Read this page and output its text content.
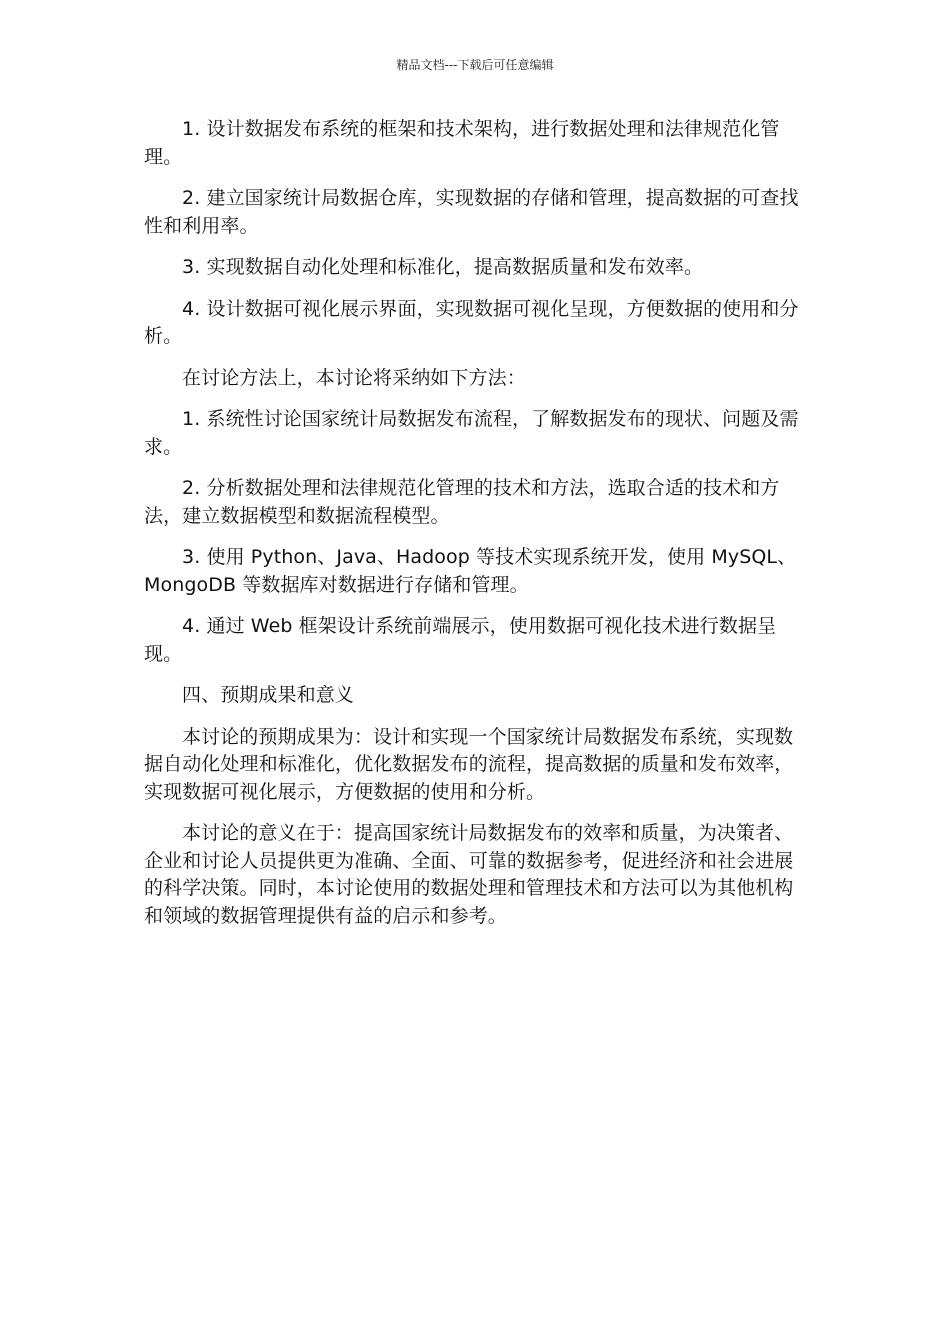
精品文档---下载后可任意编辑

1. 设计数据发布系统的框架和技术架构，进行数据处理和法律规范化管理。

2. 建立国家统计局数据仓库，实现数据的存储和管理，提高数据的可查找性和利用率。

3. 实现数据自动化处理和标准化，提高数据质量和发布效率。

4. 设计数据可视化展示界面，实现数据可视化呈现，方便数据的使用和分析。

在讨论方法上，本讨论将采纳如下方法：

1. 系统性讨论国家统计局数据发布流程，了解数据发布的现状、问题及需求。

2. 分析数据处理和法律规范化管理的技术和方法，选取合适的技术和方法，建立数据模型和数据流程模型。

3. 使用 Python、Java、Hadoop 等技术实现系统开发，使用 MySQL、MongoDB 等数据库对数据进行存储和管理。

4. 通过 Web 框架设计系统前端展示，使用数据可视化技术进行数据呈现。

四、预期成果和意义

本讨论的预期成果为：设计和实现一个国家统计局数据发布系统，实现数据自动化处理和标准化，优化数据发布的流程，提高数据的质量和发布效率，实现数据可视化展示，方便数据的使用和分析。

本讨论的意义在于：提高国家统计局数据发布的效率和质量，为决策者、企业和讨论人员提供更为准确、全面、可靠的数据参考，促进经济和社会进展的科学决策。同时，本讨论使用的数据处理和管理技术和方法可以为其他机构和领域的数据管理提供有益的启示和参考。
